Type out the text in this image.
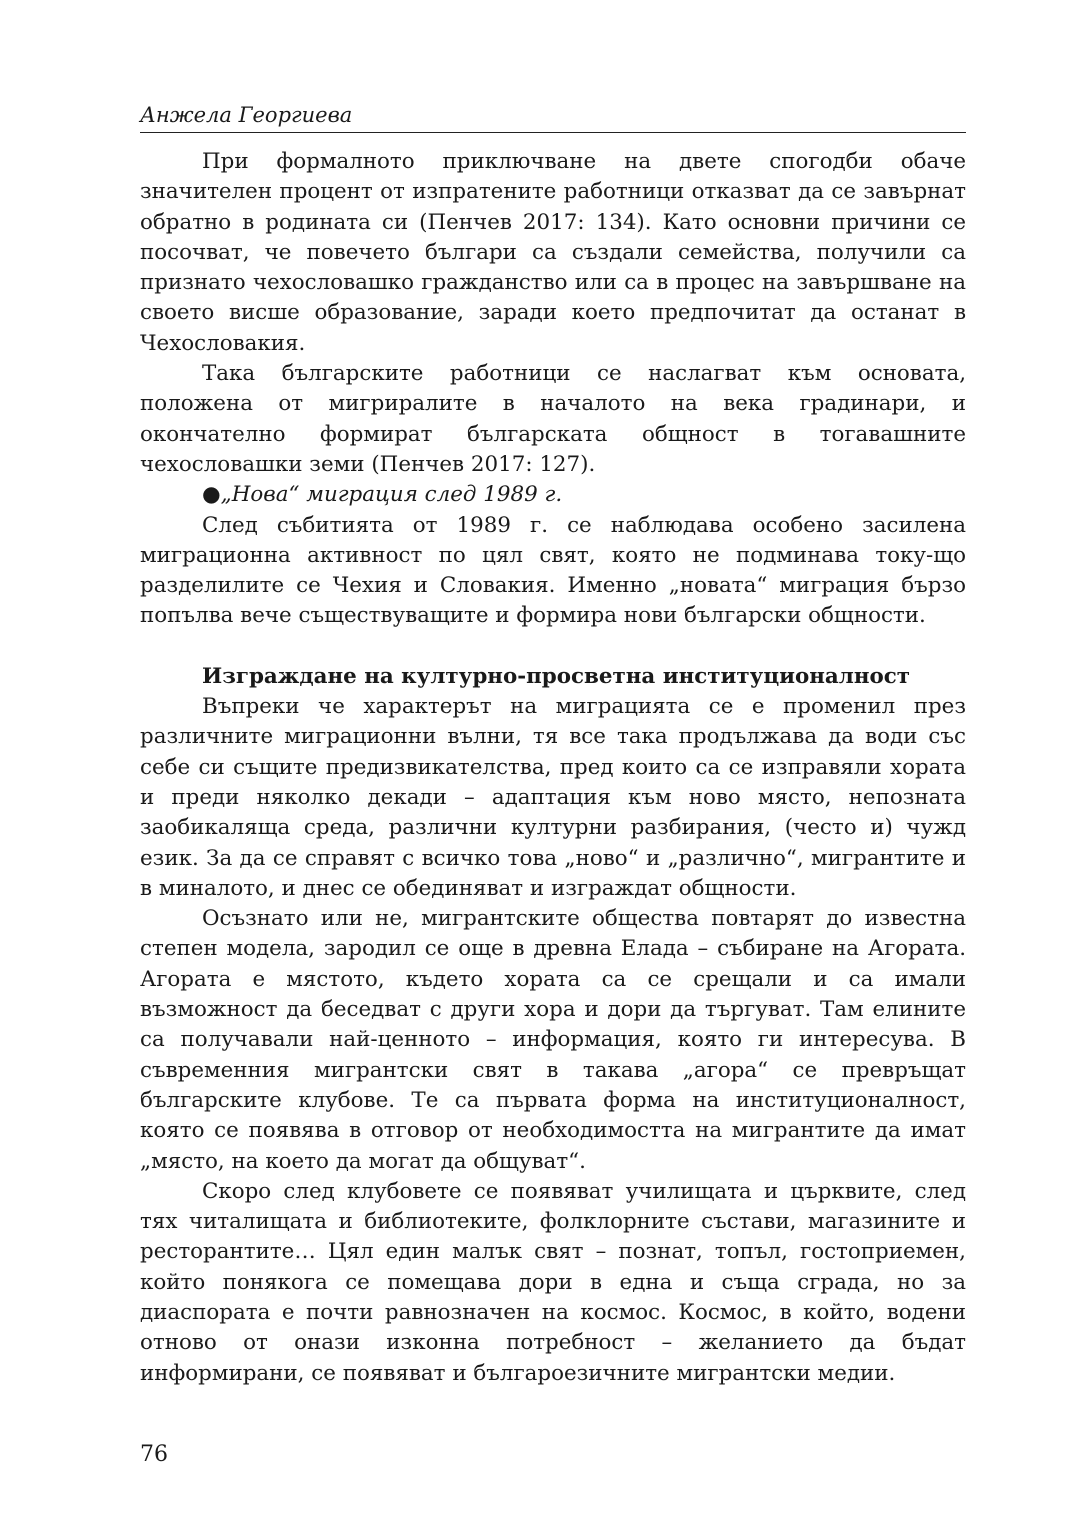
Анжела Георгиева

При формалното приключване на двете спогодби обаче значителен процент от изпратените работници отказват да се завърнат обратно в родината си (Пенчев 2017: 134). Като основни причини се посочват, че повечето българи са създали семейства, получили са признато чехословашко гражданство или са в процес на завършване на своето висше образование, заради което предпочитат да останат в Чехословакия.

Така българските работници се наслагват към основата, положена от мигриралите в началото на века градинари, и окончателно формират българската общност в тогавашните чехословашки земи (Пенчев 2017: 127).

●„Нова“ миграция след 1989 г.

След събитията от 1989 г. се наблюдава особено засилена миграционна активност по цял свят, която не подминава току-що разделилите се Чехия и Словакия. Именно „новата“ миграция бързо попълва вече съществуващите и формира нови български общности.

Изграждане на културно-просветна институционалност

Въпреки че характерът на миграцията се е променил през различните миграционни вълни, тя все така продължава да води със себе си същите предизвикателства, пред които са се изправяли хората и преди няколко декади – адаптация към ново място, непозната заобикаляща среда, различни културни разбирания, (често и) чужд език. За да се справят с всичко това „ново“ и „различно“, мигрантите и в миналото, и днес се обединяват и изграждат общности.

Осъзнато или не, мигрантските общества повтарят до известна степен модела, зародил се още в древна Елада – събиране на Агората. Агората е мястото, където хората са се срещали и са имали възможност да беседват с други хора и дори да търгуват. Там елините са получавали най-ценното – информация, която ги интересува. В съвременния мигрантски свят в такава „агора“ се превръщат българските клубове. Те са първата форма на институционалност, която се появява в отговор от необходимостта на мигрантите да имат „място, на което да могат да общуват“.

Скоро след клубовете се появяват училищата и църквите, след тях читалищата и библиотеките, фолклорните състави, магазините и ресторантите… Цял един малък свят – познат, топъл, гостоприемен, който понякога се помещава дори в една и съща сграда, но за диаспората е почти равнозначен на космос. Космос, в който, водени отново от онази изконна потребност – желанието да бъдат информирани, се появяват и българоезичните мигрантски медии.

76
